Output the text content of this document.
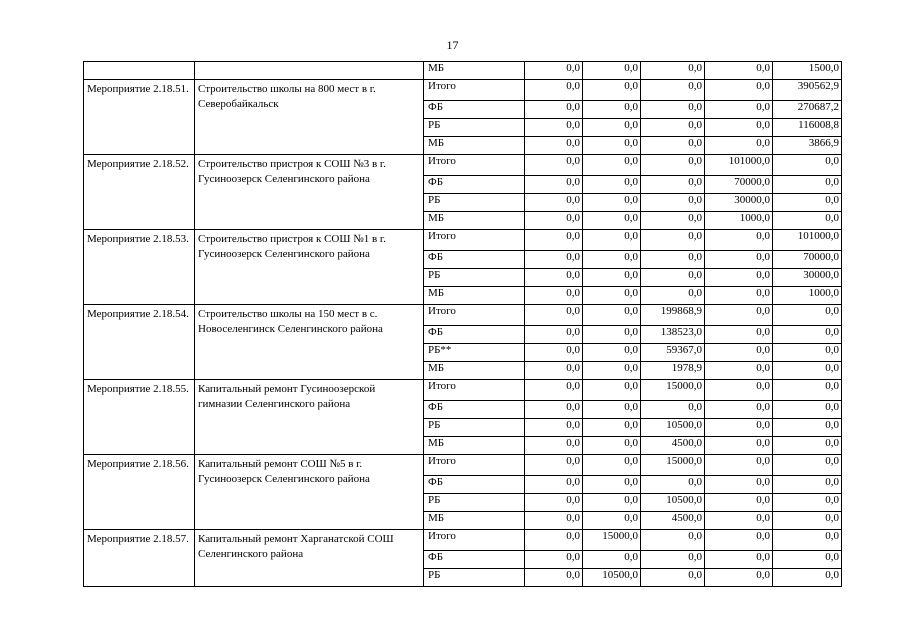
17
		МБ	0,0	0,0	0,0	0,0	1500,0
Мероприятие 2.18.51.	Строительство школы на 800 мест в г. Северобайкальск	Итого	0,0	0,0	0,0	0,0	390562,9
		ФБ	0,0	0,0	0,0	0,0	270687,2
		РБ	0,0	0,0	0,0	0,0	116008,8
		МБ	0,0	0,0	0,0	0,0	3866,9
Мероприятие 2.18.52.	Строительство пристроя к СОШ №3 в г. Гусиноозерск Селенгинского района	Итого	0,0	0,0	0,0	101000,0	0,0
		ФБ	0,0	0,0	0,0	70000,0	0,0
		РБ	0,0	0,0	0,0	30000,0	0,0
		МБ	0,0	0,0	0,0	1000,0	0,0
Мероприятие 2.18.53.	Строительство пристроя к СОШ №1 в г. Гусиноозерск Селенгинского района	Итого	0,0	0,0	0,0	0,0	101000,0
		ФБ	0,0	0,0	0,0	0,0	70000,0
		РБ	0,0	0,0	0,0	0,0	30000,0
		МБ	0,0	0,0	0,0	0,0	1000,0
Мероприятие 2.18.54.	Строительство школы на 150 мест в с. Новоселенгинск Селенгинского района	Итого	0,0	0,0	199868,9	0,0	0,0
		ФБ	0,0	0,0	138523,0	0,0	0,0
		РБ**	0,0	0,0	59367,0	0,0	0,0
		МБ	0,0	0,0	1978,9	0,0	0,0
Мероприятие 2.18.55.	Капитальный ремонт Гусиноозерской гимназии Селенгинского района	Итого	0,0	0,0	15000,0	0,0	0,0
		ФБ	0,0	0,0	0,0	0,0	0,0
		РБ	0,0	0,0	10500,0	0,0	0,0
		МБ	0,0	0,0	4500,0	0,0	0,0
Мероприятие 2.18.56.	Капитальный ремонт СОШ №5 в г. Гусиноозерск Селенгинского района	Итого	0,0	0,0	15000,0	0,0	0,0
		ФБ	0,0	0,0	0,0	0,0	0,0
		РБ	0,0	0,0	10500,0	0,0	0,0
		МБ	0,0	0,0	4500,0	0,0	0,0
Мероприятие 2.18.57.	Капитальный ремонт Харганатской СОШ Селенгинского района	Итого	0,0	15000,0	0,0	0,0	0,0
		ФБ	0,0	0,0	0,0	0,0	0,0
		РБ	0,0	10500,0	0,0	0,0	0,0
